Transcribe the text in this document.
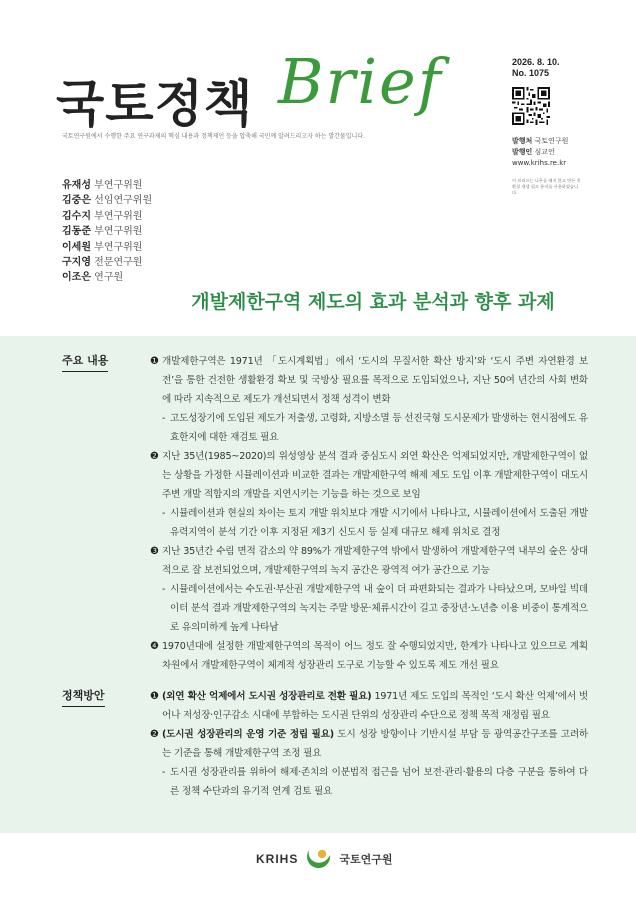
국토정책 Brief
국토연구원에서 수행한 주요 연구과제의 핵심 내용과 정책제언 등을 압축해 국민께 알려드리고자 하는 발간물입니다.
2026. 8. 10.
No. 1075
발행처 국토연구원
발행인 심교언
www.krihs.re.kr
이 브리프는 나무를 베지 않고 만든 친환경 재생 펄프 용지를 사용하였습니다.
유재성 부연구위원
김중은 선임연구위원
김수지 부연구위원
김동준 부연구위원
이세원 부연구위원
구지영 전문연구원
이조은 연구원
개발제한구역 제도의 효과 분석과 향후 과제
주요 내용	❶ 개발제한구역은 1971년 「도시계획법」에서 ‘도시의 무질서한 확산 방지’와 ‘도시 주변 자연환경 보전’을 통한 건전한 생활환경 확보 및 국방상 필요를 목적으로 도입되었으나, 지난 50여 년간의 사회 변화에 따라 지속적으로 제도가 개선되면서 정책 성격이 변화
- 고도성장기에 도입된 제도가 저출생, 고령화, 지방소멸 등 선진국형 도시문제가 발생하는 현시점에도 유효한지에 대한 재검토 필요
❷ 지난 35년(1985~2020)의 위성영상 분석 결과 중심도시 외연 확산은 억제되었지만, 개발제한구역이 없는 상황을 가정한 시뮬레이션과 비교한 결과는 개발제한구역 해제 제도 도입 이후 개발제한구역이 대도시 주변 개발 적합지의 개발을 지연시키는 기능을 하는 것으로 보임
- 시뮬레이션과 현실의 차이는 토지 개발 위치보다 개발 시기에서 나타나고, 시뮬레이션에서 도출된 개발 유력지역이 분석 기간 이후 지정된 제3기 신도시 등 실제 대규모 해제 위치로 결정
❸ 지난 35년간 수림 면적 감소의 약 89%가 개발제한구역 밖에서 발생하여 개발제한구역 내부의 숲은 상대적으로 잘 보전되었으며, 개발제한구역의 녹지 공간은 광역적 여가 공간으로 기능
- 시뮬레이션에서는 수도권·부산권 개발제한구역 내 숲이 더 파편화되는 결과가 나타났으며, 모바일 빅데이터 분석 결과 개발제한구역의 녹지는 주말 방문·체류시간이 길고 중장년·노년층 이용 비중이 통계적으로 유의미하게 높게 나타남
❹ 1970년대에 설정한 개발제한구역의 목적이 어느 정도 잘 수행되었지만, 한계가 나타나고 있으므로 계획 차원에서 개발제한구역이 체계적 성장관리 도구로 기능할 수 있도록 제도 개선 필요
정책방안	❶ (외연 확산 억제에서 도시권 성장관리로 전환 필요) 1971년 제도 도입의 목적인 ‘도시 확산 억제’에서 벗어나 저성장·인구감소 시대에 부합하는 도시권 단위의 성장관리 수단으로 정책 목적 재정립 필요
❷ (도시권 성장관리의 운영 기준 정립 필요) 도시 성장 방향이나 기반시설 부담 등 광역공간구조를 고려하는 기준을 통해 개발제한구역 조정 필요
- 도시권 성장관리를 위하여 해제·존치의 이분법적 접근을 넘어 보전·관리·활용의 다층 구분을 통하여 다른 정책 수단과의 유기적 연계 검토 필요
KRIHS	국토연구원
